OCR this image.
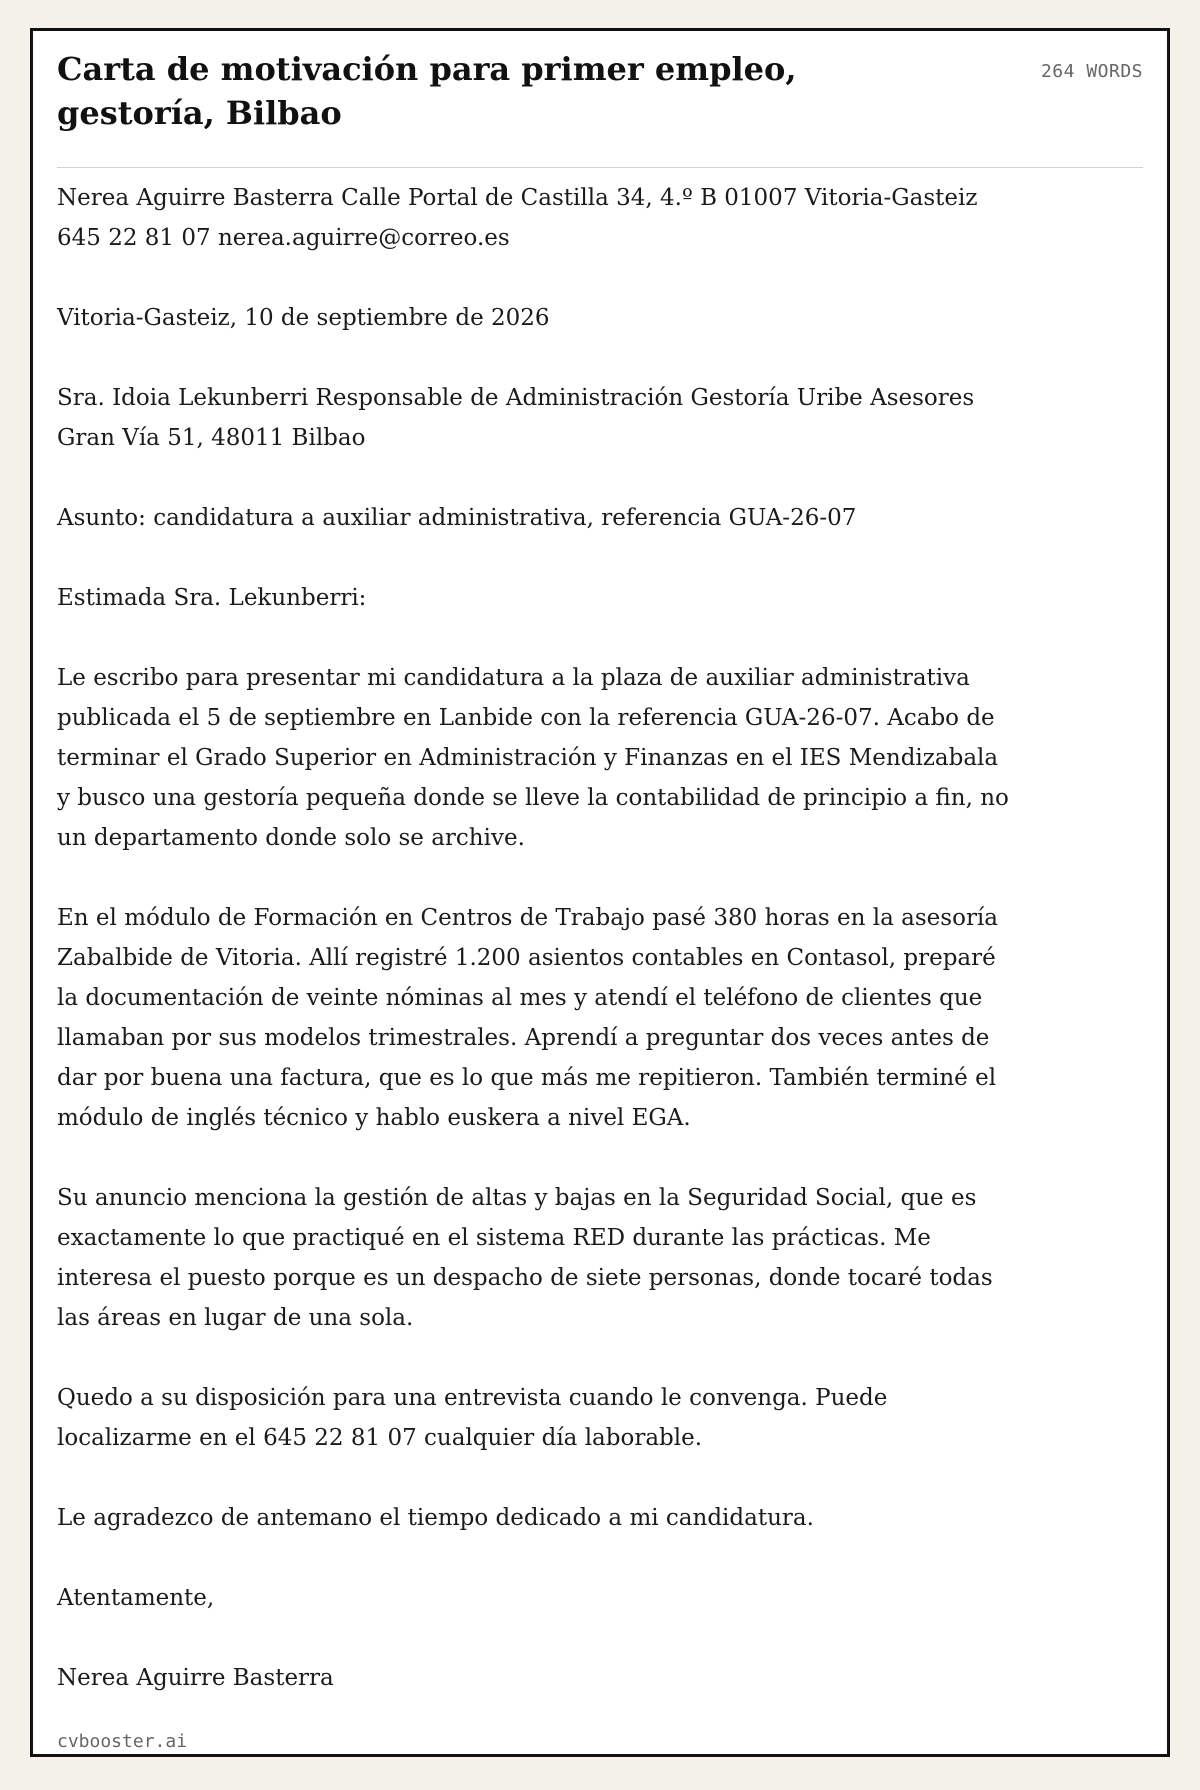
Carta de motivación para primer empleo, gestoría, Bilbao
264 WORDS

Nerea Aguirre Basterra Calle Portal de Castilla 34, 4.º B 01007 Vitoria-Gasteiz 645 22 81 07 nerea.aguirre@correo.es

Vitoria-Gasteiz, 10 de septiembre de 2026

Sra. Idoia Lekunberri Responsable de Administración Gestoría Uribe Asesores Gran Vía 51, 48011 Bilbao

Asunto: candidatura a auxiliar administrativa, referencia GUA-26-07

Estimada Sra. Lekunberri:

Le escribo para presentar mi candidatura a la plaza de auxiliar administrativa publicada el 5 de septiembre en Lanbide con la referencia GUA-26-07. Acabo de terminar el Grado Superior en Administración y Finanzas en el IES Mendizabala y busco una gestoría pequeña donde se lleve la contabilidad de principio a fin, no un departamento donde solo se archive.

En el módulo de Formación en Centros de Trabajo pasé 380 horas en la asesoría Zabalbide de Vitoria. Allí registré 1.200 asientos contables en Contasol, preparé la documentación de veinte nóminas al mes y atendí el teléfono de clientes que llamaban por sus modelos trimestrales. Aprendí a preguntar dos veces antes de dar por buena una factura, que es lo que más me repitieron. También terminé el módulo de inglés técnico y hablo euskera a nivel EGA.

Su anuncio menciona la gestión de altas y bajas en la Seguridad Social, que es exactamente lo que practiqué en el sistema RED durante las prácticas. Me interesa el puesto porque es un despacho de siete personas, donde tocaré todas las áreas en lugar de una sola.

Quedo a su disposición para una entrevista cuando le convenga. Puede localizarme en el 645 22 81 07 cualquier día laborable.

Le agradezco de antemano el tiempo dedicado a mi candidatura.

Atentamente,

Nerea Aguirre Basterra

cvbooster.ai
